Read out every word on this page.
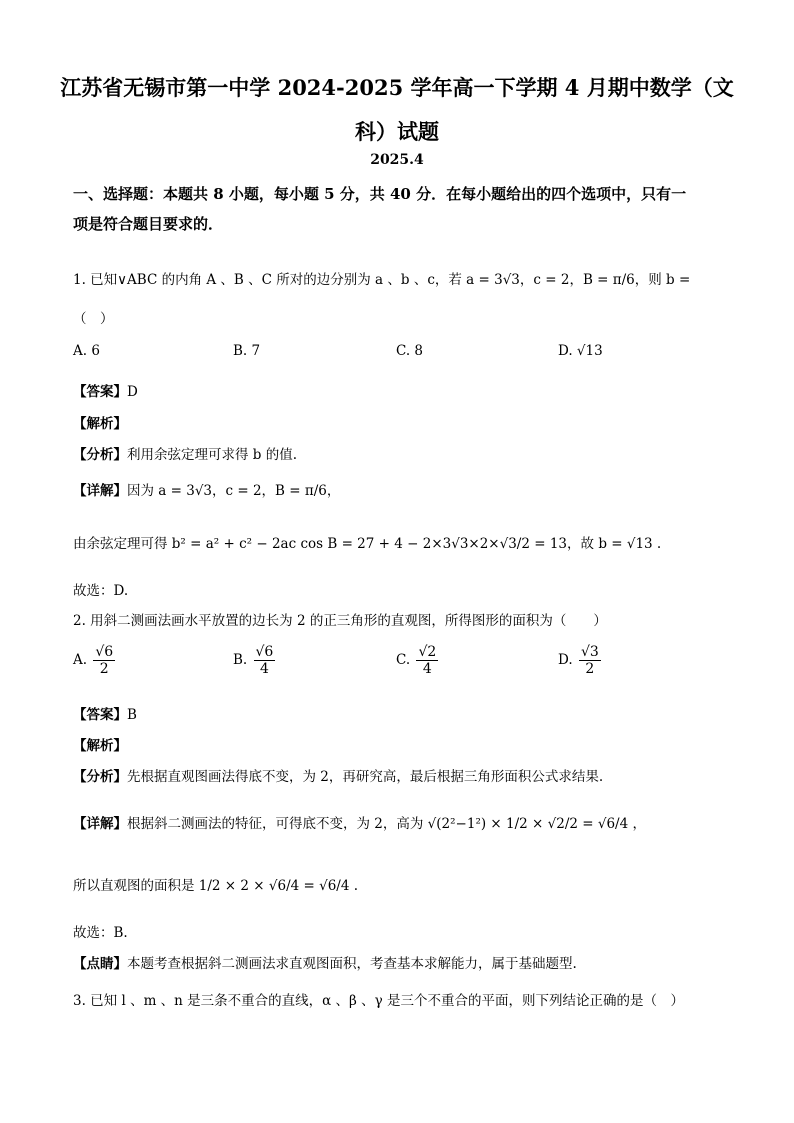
江苏省无锡市第一中学 2024-2025 学年高一下学期 4 月期中数学（文
科）试题
2025.4
一、选择题：本题共 8 小题，每小题 5 分，共 40 分．在每小题给出的四个选项中，只有一
项是符合题目要求的．
1. 已知∨ABC 的内角 A 、B 、C 所对的边分别为 a 、b 、c，若 a = 3√3，c = 2，B = π/6，则 b =
（　）
A. 6	B. 7	C. 8	D. √13
【答案】D
【解析】
【分析】利用余弦定理可求得 b 的值.
【详解】因为 a = 3√3，c = 2，B = π/6，
由余弦定理可得 b² = a² + c² − 2ac cos B = 27 + 4 − 2×3√3×2×√3/2 = 13，故 b = √13 .
故选：D.
2. 用斜二测画法画水平放置的边长为 2 的正三角形的直观图，所得图形的面积为（　　）
A. $\frac{√6}{2}$	B. $\frac{√6}{4}$	C. $\frac{√2}{4}$	D. $\frac{√3}{2}$
【答案】B
【解析】
【分析】先根据直观图画法得底不变，为 2，再研究高，最后根据三角形面积公式求结果.
【详解】根据斜二测画法的特征，可得底不变，为 2，高为 √(2²−1²) × 1/2 × √2/2 = √6/4 ，
所以直观图的面积是 1/2 × 2 × √6/4 = √6/4 .
故选：B.
【点睛】本题考查根据斜二测画法求直观图面积，考查基本求解能力，属于基础题型.
3. 已知 l 、m 、n 是三条不重合的直线，α 、β 、γ 是三个不重合的平面，则下列结论正确的是（　）
